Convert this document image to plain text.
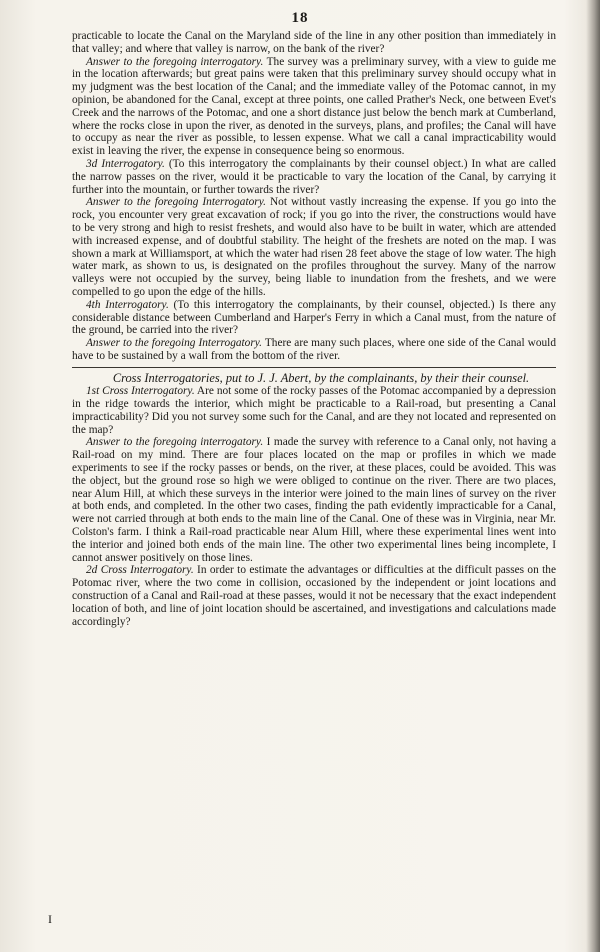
18

practicable to locate the Canal on the Maryland side of the line in any other position than immediately in that valley; and where that valley is narrow, on the bank of the river?

Answer to the foregoing interrogatory. The survey was a preliminary survey, with a view to guide me in the location afterwards; but great pains were taken that this preliminary survey should occupy what in my judgment was the best location of the Canal; and the immediate valley of the Potomac cannot, in my opinion, be abandoned for the Canal, except at three points, one called Prather's Neck, one between Evet's Creek and the narrows of the Potomac, and one a short distance just below the bench mark at Cumberland, where the rocks close in upon the river, as denoted in the surveys, plans, and profiles; the Canal will have to occupy as near the river as possible, to lessen expense. What we call a canal impracticability would exist in leaving the river, the expense in consequence being so enormous.

3d Interrogatory. (To this interrogatory the complainants by their counsel object.) In what are called the narrow passes on the river, would it be practicable to vary the location of the Canal, by carrying it further into the mountain, or further towards the river?

Answer to the foregoing Interrogatory. Not without vastly increasing the expense. If you go into the rock, you encounter very great excavation of rock; if you go into the river, the constructions would have to be very strong and high to resist freshets, and would also have to be built in water, which are attended with increased expense, and of doubtful stability. The height of the freshets are noted on the map. I was shown a mark at Williamsport, at which the water had risen 28 feet above the stage of low water. The high water mark, as shown to us, is designated on the profiles throughout the survey. Many of the narrow valleys were not occupied by the survey, being liable to inundation from the freshets, and we were compelled to go upon the edge of the hills.

4th Interrogatory. (To this interrogatory the complainants, by their counsel, objected.) Is there any considerable distance between Cumberland and Harper's Ferry in which a Canal must, from the nature of the ground, be carried into the river?

Answer to the foregoing Interrogatory. There are many such places, where one side of the Canal would have to be sustained by a wall from the bottom of the river.

Cross Interrogatories, put to J. J. Abert, by the complainants, by their their counsel.

1st Cross Interrogatory. Are not some of the rocky passes of the Potomac accompanied by a depression in the ridge towards the interior, which might be practicable to a Rail-road, but presenting a Canal impracticability? Did you not survey some such for the Canal, and are they not located and represented on the map?

Answer to the foregoing interrogatory. I made the survey with reference to a Canal only, not having a Rail-road on my mind. There are four places located on the map or profiles in which we made experiments to see if the rocky passes or bends, on the river, at these places, could be avoided. This was the object, but the ground rose so high we were obliged to continue on the river. There are two places, near Alum Hill, at which these surveys in the interior were joined to the main lines of survey on the river at both ends, and completed. In the other two cases, finding the path evidently impracticable for a Canal, were not carried through at both ends to the main line of the Canal. One of these was in Virginia, near Mr. Colston's farm. I think a Rail-road practicable near Alum Hill, where these experimental lines went into the interior and joined both ends of the main line. The other two experimental lines being incomplete, I cannot answer positively on those lines.

2d Cross Interrogatory. In order to estimate the advantages or difficulties at the difficult passes on the Potomac river, where the two come in collision, occasioned by the independent or joint locations and construction of a Canal and Rail-road at these passes, would it not be necessary that the exact independent location of both, and line of joint location should be ascertained, and investigations and calculations made accordingly?

I
